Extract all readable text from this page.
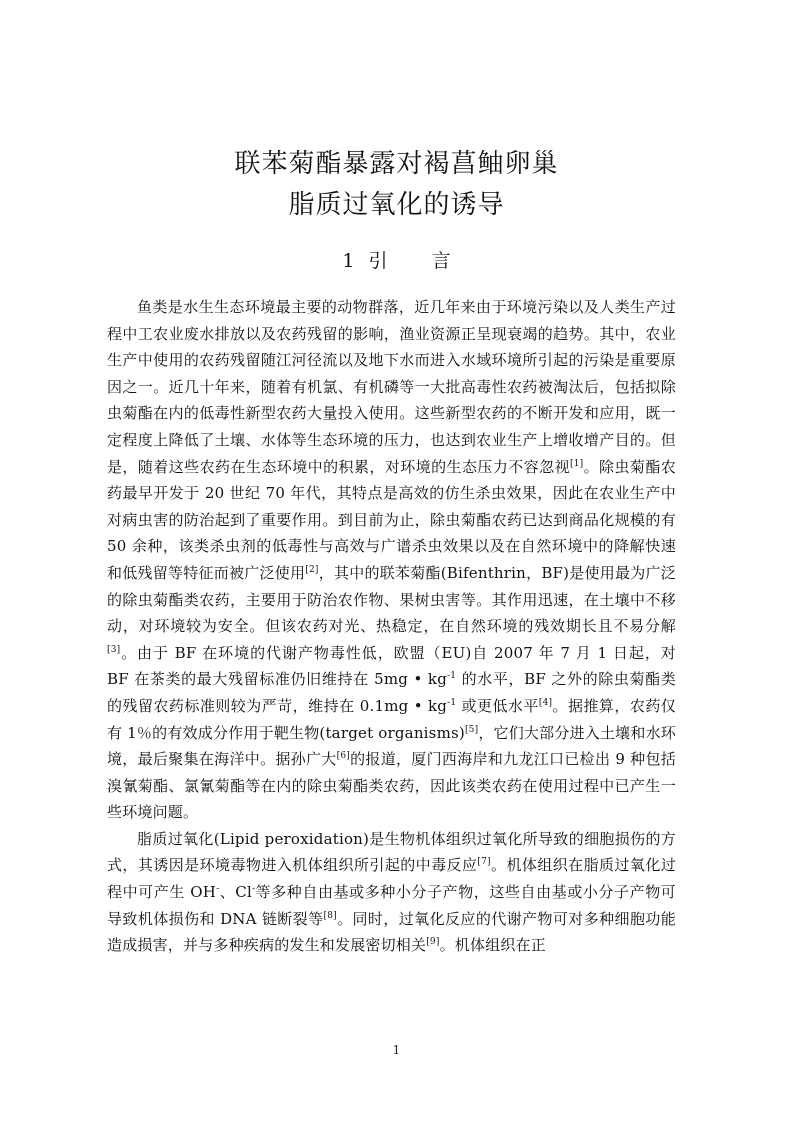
联苯菊酯暴露对褐菖鲉卵巢
脂质过氧化的诱导
1 引 言

鱼类是水生生态环境最主要的动物群落，近几年来由于环境污染以及人类生产过程中工农业废水排放以及农药残留的影响，渔业资源正呈现衰竭的趋势。其中，农业生产中使用的农药残留随江河径流以及地下水而进入水域环境所引起的污染是重要原因之一。近几十年来，随着有机氯、有机磷等一大批高毒性农药被淘汰后，包括拟除虫菊酯在内的低毒性新型农药大量投入使用。这些新型农药的不断开发和应用，既一定程度上降低了土壤、水体等生态环境的压力，也达到农业生产上增收增产目的。但是，随着这些农药在生态环境中的积累，对环境的生态压力不容忽视[1]。除虫菊酯农药最早开发于 20 世纪 70 年代，其特点是高效的仿生杀虫效果，因此在农业生产中对病虫害的防治起到了重要作用。到目前为止，除虫菊酯农药已达到商品化规模的有 50 余种，该类杀虫剂的低毒性与高效与广谱杀虫效果以及在自然环境中的降解快速和低残留等特征而被广泛使用[2]，其中的联苯菊酯(Bifenthrin，BF)是使用最为广泛的除虫菊酯类农药，主要用于防治农作物、果树虫害等。其作用迅速，在土壤中不移动，对环境较为安全。但该农药对光、热稳定，在自然环境的残效期长且不易分解[3]。由于 BF 在环境的代谢产物毒性低，欧盟（EU)自 2007 年 7 月 1 日起，对 BF 在茶类的最大残留标准仍旧维持在 5mg • $kg^{-1}$ 的水平，BF 之外的除虫菊酯类的残留农药标准则较为严苛，维持在 0.1mg • $kg^{-1}$ 或更低水平[4]。据推算，农药仅有 1％的有效成分作用于靶生物(target organisms)[5]，它们大部分进入土壤和水环境，最后聚集在海洋中。据孙广大[6]的报道，厦门西海岸和九龙江口已检出 9 种包括溴氰菊酯、氯氰菊酯等在内的除虫菊酯类农药，因此该类农药在使用过程中已产生一些环境问题。

脂质过氧化(Lipid peroxidation)是生物机体组织过氧化所导致的细胞损伤的方式，其诱因是环境毒物进入机体组织所引起的中毒反应[7]。机体组织在脂质过氧化过程中可产生 OH-、Cl-等多种自由基或多种小分子产物，这些自由基或小分子产物可导致机体损伤和 DNA 链断裂等[8]。同时，过氧化反应的代谢产物可对多种细胞功能造成损害，并与多种疾病的发生和发展密切相关[9]。机体组织在正

1
